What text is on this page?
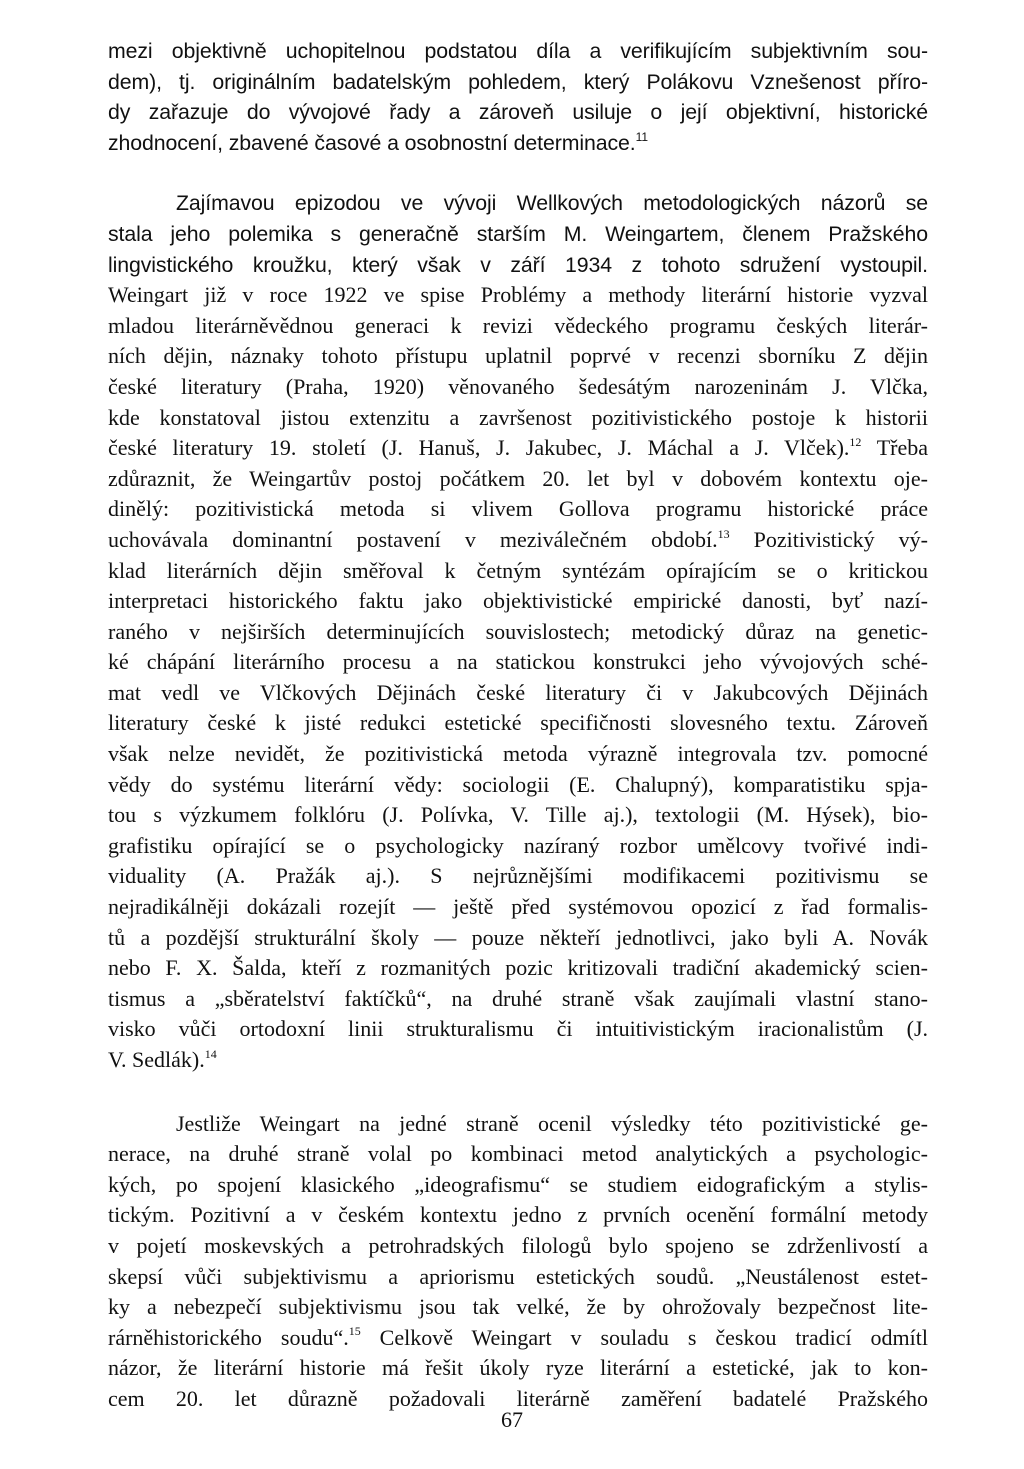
mezi objektivně uchopitelnou podstatou díla a verifikujícím subjektivním sou-
dem), tj. originálním badatelským pohledem, který Polákovu Vznešenost příro-
dy zařazuje do vývojové řady a zároveň usiluje o její objektivní, historické
zhodnocení, zbavené časové a osobnostní determinace.$^{11}$

Zajímavou epizodou ve vývoji Wellkových metodologických názorů se
stala jeho polemika s generačně starším M. Weingartem, členem Pražského
lingvistického kroužku, který však v září 1934 z tohoto sdružení vystoupil.
Weingart již v roce 1922 ve spise Problémy a methody literární historie vyzval
mladou literárněvědnou generaci k revizi vědeckého programu českých literár-
ních dějin, náznaky tohoto přístupu uplatnil poprvé v recenzi sborníku Z dějin
české literatury (Praha, 1920) věnovaného šedesátým narozeninám J. Vlčka,
kde konstatoval jistou extenzitu a završenost pozitivistického postoje k historii
české literatury 19. století (J. Hanuš, J. Jakubec, J. Máchal a J. Vlček).$^{12}$ Třeba
zdůraznit, že Weingartův postoj počátkem 20. let byl v dobovém kontextu oje-
dinělý: pozitivistická metoda si vlivem Gollova programu historické práce
uchovávala dominantní postavení v meziválečném období.$^{13}$ Pozitivistický vý-
klad literárních dějin směřoval k četným syntézám opírajícím se o kritickou
interpretaci historického faktu jako objektivistické empirické danosti, byť nazí-
raného v nejširších determinujících souvislostech; metodický důraz na genetic-
ké chápání literárního procesu a na statickou konstrukci jeho vývojových sché-
mat vedl ve Vlčkových Dějinách české literatury či v Jakubcových Dějinách
literatury české k jisté redukci estetické specifičnosti slovesného textu. Zároveň
však nelze nevidět, že pozitivistická metoda výrazně integrovala tzv. pomocné
vědy do systému literární vědy: sociologii (E. Chalupný), komparatistiku spja-
tou s výzkumem folklóru (J. Polívka, V. Tille aj.), textologii (M. Hýsek), bio-
grafistiku opírající se o psychologicky nazíraný rozbor umělcovy tvořivé indi-
viduality (A. Pražák aj.). S nejrůznějšími modifikacemi pozitivismu se
nejradikálněji dokázali rozejít — ještě před systémovou opozicí z řad formalis-
tů a pozdější strukturální školy — pouze někteří jednotlivci, jako byli A. Novák
nebo F. X. Šalda, kteří z rozmanitých pozic kritizovali tradiční akademický scien-
tismus a „sběratelství faktíčků“, na druhé straně však zaujímali vlastní stano-
visko vůči ortodoxní linii strukturalismu či intuitivistickým iracionalistům (J.
V. Sedlák).$^{14}$

Jestliže Weingart na jedné straně ocenil výsledky této pozitivistické ge-
nerace, na druhé straně volal po kombinaci metod analytických a psychologic-
kých, po spojení klasického „ideografismu“ se studiem eidografickým a stylis-
tickým. Pozitivní a v českém kontextu jedno z prvních ocenění formální metody
v pojetí moskevských a petrohradských filologů bylo spojeno se zdrženlivostí a
skepsí vůči subjektivismu a apriorismu estetických soudů. „Neustálenost estet-
ky a nebezpečí subjektivismu jsou tak velké, že by ohrožovaly bezpečnost lite-
rárněhistorického soudu“.$^{15}$ Celkově Weingart v souladu s českou tradicí odmítl
názor, že literární historie má řešit úkoly ryze literární a estetické, jak to kon-
cem 20. let důrazně požadovali literárně zaměření badatelé Pražského

67
